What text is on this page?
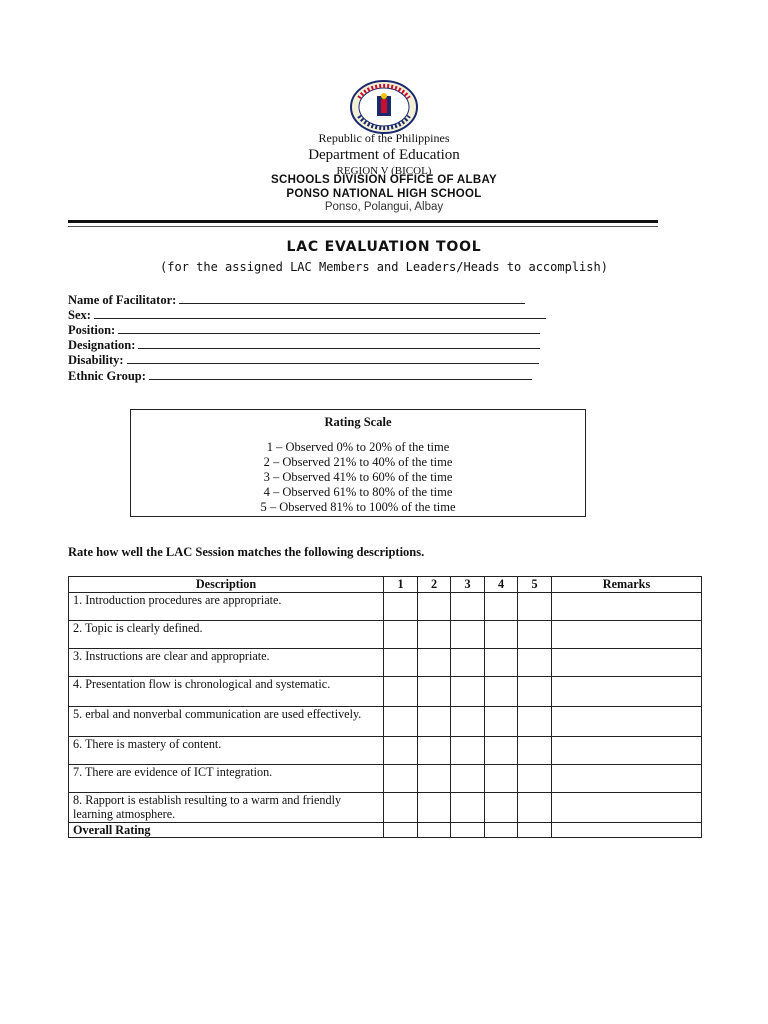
Republic of the Philippines
Department of Education
REGION V (BICOL)
SCHOOLS DIVISION OFFICE OF ALBAY
PONSO NATIONAL HIGH SCHOOL
Ponso, Polangui, Albay
LAC EVALUATION TOOL
(for the assigned LAC Members and Leaders/Heads to accomplish)
Name of Facilitator:
Sex:
Position:
Designation:
Disability:
Ethnic Group:
Rating Scale
1 – Observed 0% to 20% of the time
2 – Observed 21% to 40% of the time
3 – Observed 41% to 60% of the time
4 – Observed 61% to 80% of the time
5 – Observed 81% to 100% of the time
Rate how well the LAC Session matches the following descriptions.
Description	1	2	3	4	5	Remarks
1. Introduction procedures are appropriate.						
2. Topic is clearly defined.						
3. Instructions are clear and appropriate.						
4. Presentation flow is chronological and systematic.						
5. erbal and nonverbal communication are used effectively.						
6. There is mastery of content.						
7. There are evidence of ICT integration.						
8. Rapport is establish resulting to a warm and friendly learning atmosphere.						
Overall Rating						
